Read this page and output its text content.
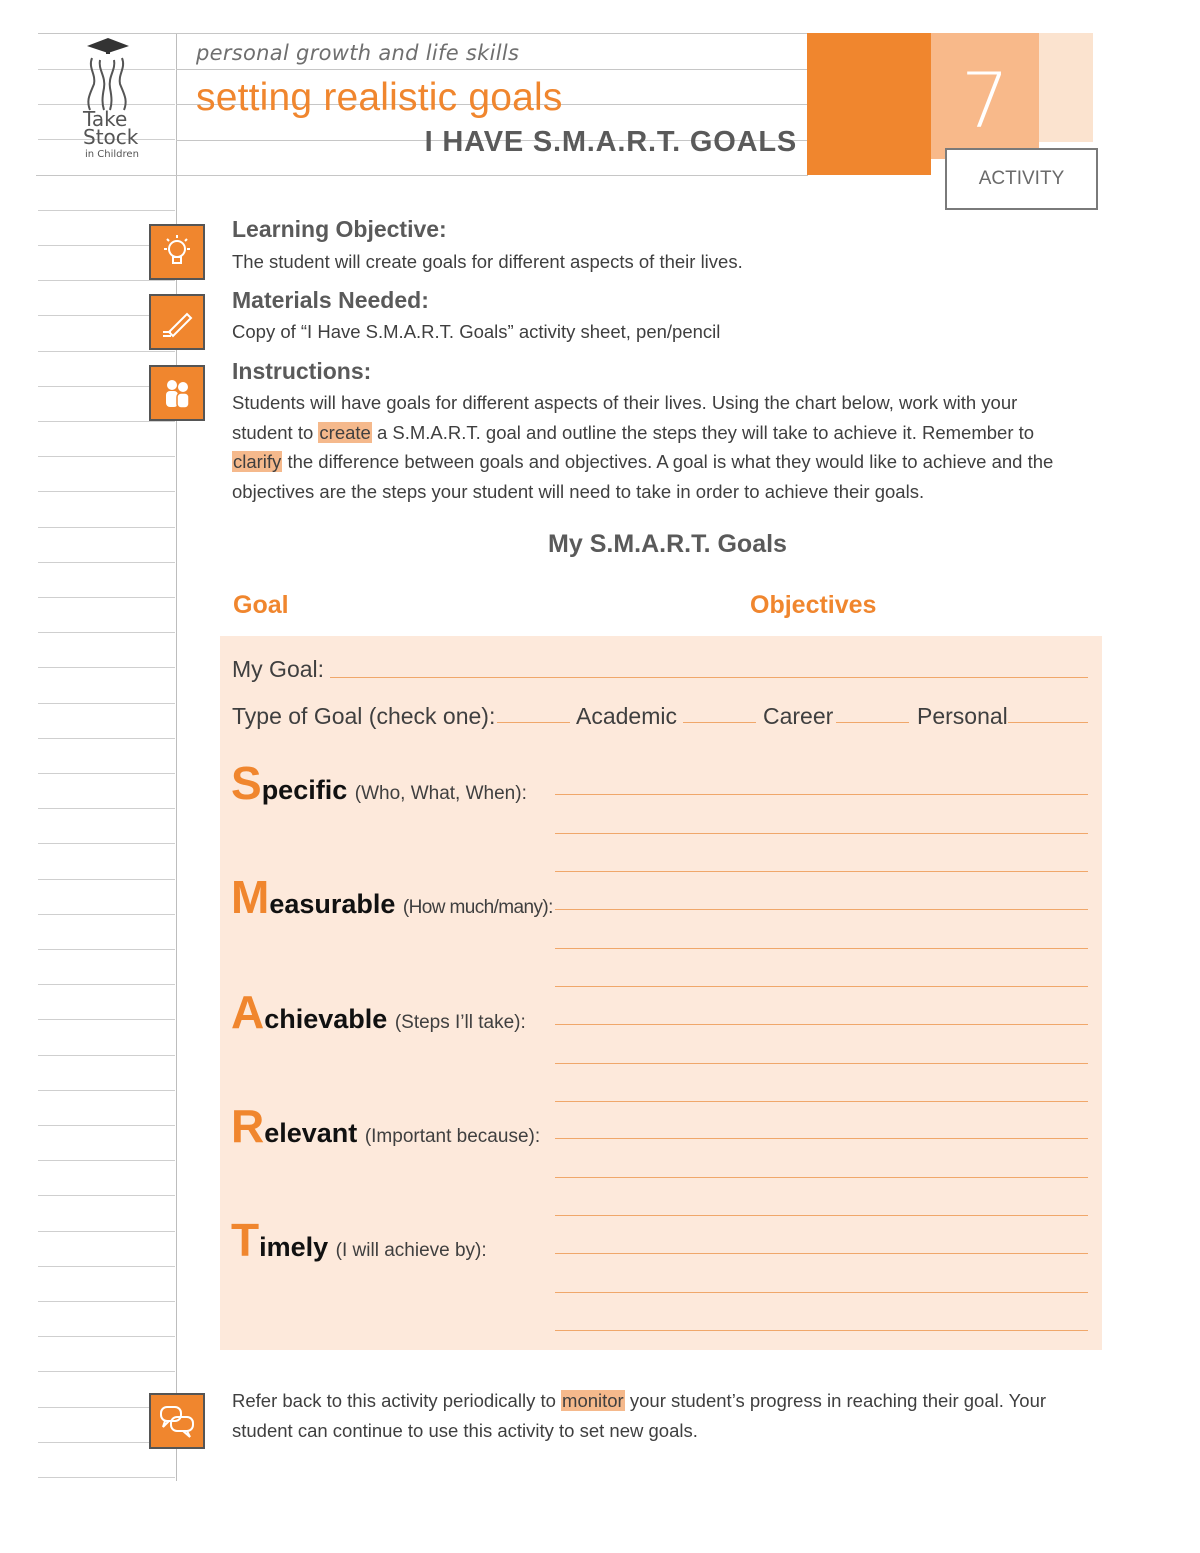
Take
Stock
in Children
personal growth and life skills
setting realistic goals
I HAVE S.M.A.R.T. GOALS 7
ACTIVITY
Learning Objective:
The student will create goals for different aspects of their lives.
Materials Needed:
Copy of “I Have S.M.A.R.T. Goals” activity sheet, pen/pencil
Instructions:
Students will have goals for different aspects of their lives. Using the chart below, work with your
student to create a S.M.A.R.T. goal and outline the steps they will take to achieve it. Remember to
clarify the difference between goals and objectives. A goal is what they would like to achieve and the
objectives are the steps your student will need to take in order to achieve their goals.
My S.M.A.R.T. Goals
Goal	Objectives
My Goal:
Type of Goal (check one):	Academic	Career	Personal
Specific (Who, What, When):
Measurable (How much/many):
Achievable (Steps I’ll take):
Relevant (Important because):
Timely (I will achieve by):
Refer back to this activity periodically to monitor your student’s progress in reaching their goal. Your
student can continue to use this activity to set new goals.
